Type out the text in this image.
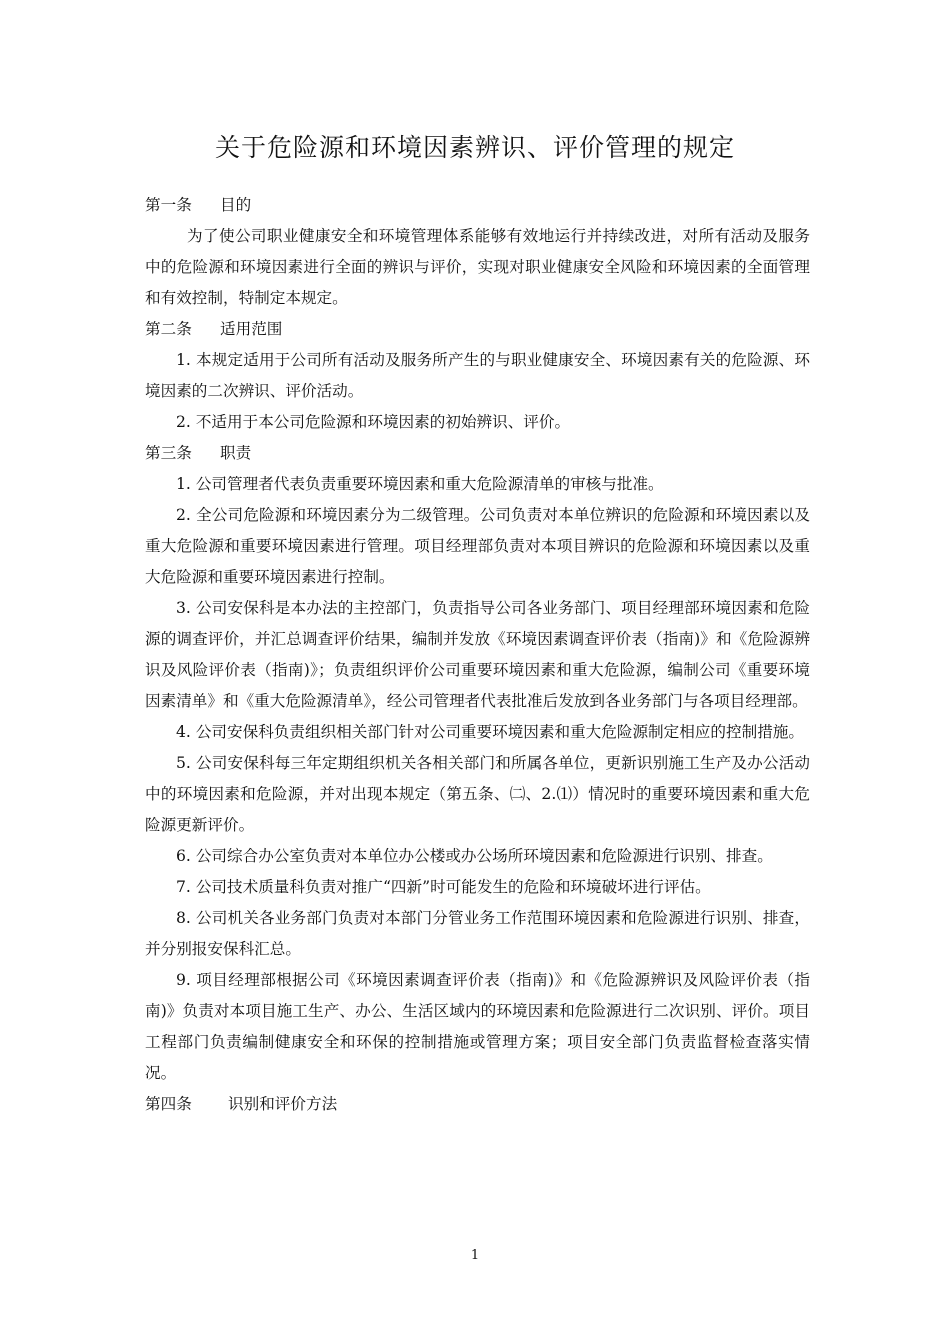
关于危险源和环境因素辨识、评价管理的规定
第一条	目的

为了使公司职业健康安全和环境管理体系能够有效地运行并持续改进，对所有活动及服务中的危险源和环境因素进行全面的辨识与评价，实现对职业健康安全风险和环境因素的全面管理和有效控制，特制定本规定。

第二条	适用范围

1. 本规定适用于公司所有活动及服务所产生的与职业健康安全、环境因素有关的危险源、环境因素的二次辨识、评价活动。

2. 不适用于本公司危险源和环境因素的初始辨识、评价。

第三条	职责

1. 公司管理者代表负责重要环境因素和重大危险源清单的审核与批准。

2. 全公司危险源和环境因素分为二级管理。公司负责对本单位辨识的危险源和环境因素以及重大危险源和重要环境因素进行管理。项目经理部负责对本项目辨识的危险源和环境因素以及重大危险源和重要环境因素进行控制。

3. 公司安保科是本办法的主控部门，负责指导公司各业务部门、项目经理部环境因素和危险源的调查评价，并汇总调查评价结果，编制并发放《环境因素调查评价表（指南)》和《危险源辨识及风险评价表（指南)》；负责组织评价公司重要环境因素和重大危险源，编制公司《重要环境因素清单》和《重大危险源清单》，经公司管理者代表批准后发放到各业务部门与各项目经理部。

4. 公司安保科负责组织相关部门针对公司重要环境因素和重大危险源制定相应的控制措施。

5. 公司安保科每三年定期组织机关各相关部门和所属各单位，更新识别施工生产及办公活动中的环境因素和危险源，并对出现本规定（第五条、㈡、2.⑴）情况时的重要环境因素和重大危险源更新评价。

6. 公司综合办公室负责对本单位办公楼或办公场所环境因素和危险源进行识别、排查。

7. 公司技术质量科负责对推广“四新”时可能发生的危险和环境破坏进行评估。

8. 公司机关各业务部门负责对本部门分管业务工作范围环境因素和危险源进行识别、排查，并分别报安保科汇总。

9. 项目经理部根据公司《环境因素调查评价表（指南)》和《危险源辨识及风险评价表（指南)》负责对本项目施工生产、办公、生活区域内的环境因素和危险源进行二次识别、评价。项目工程部门负责编制健康安全和环保的控制措施或管理方案；项目安全部门负责监督检查落实情况。

第四条	识别和评价方法
1
